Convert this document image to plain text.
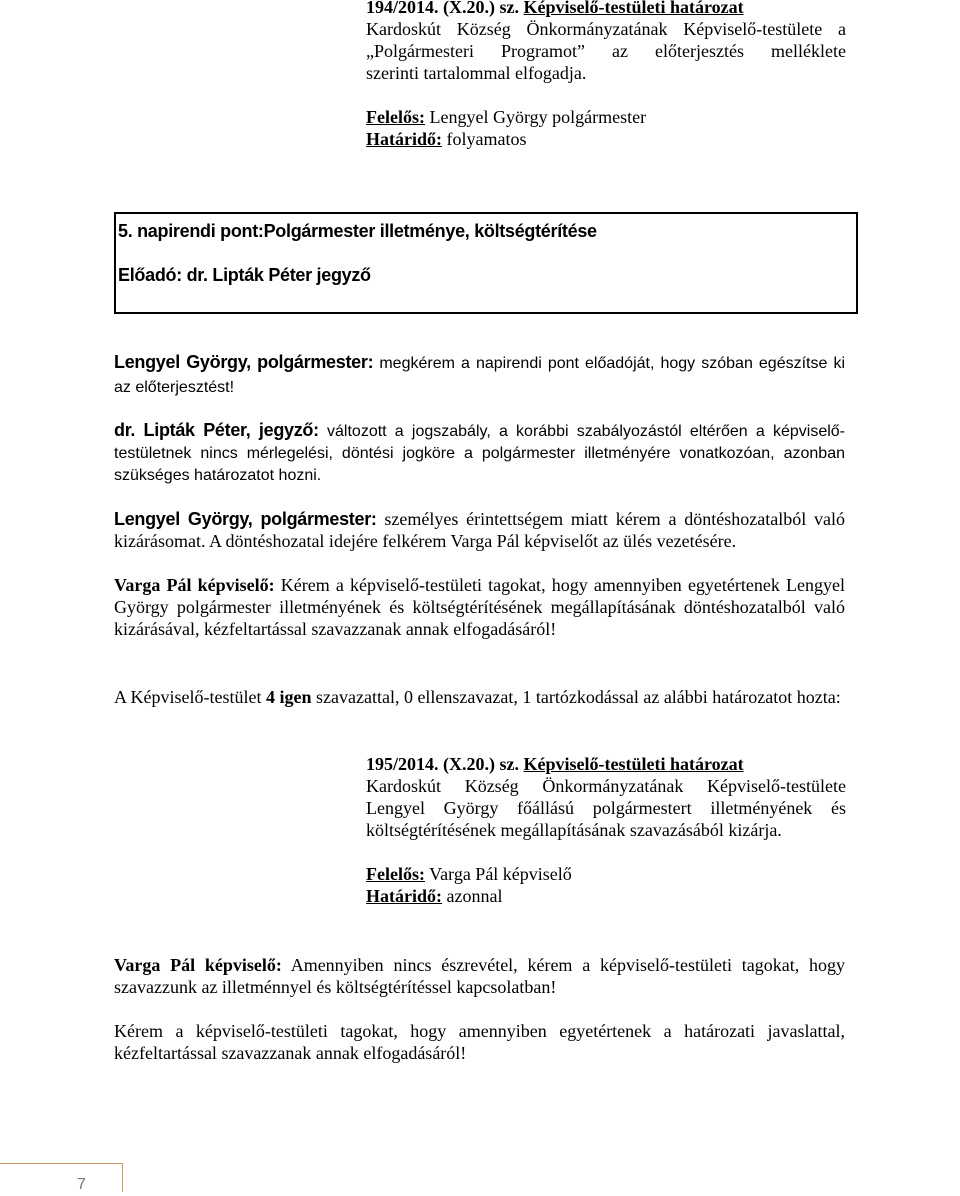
194/2014. (X.20.) sz. Képviselő-testületi határozat
Kardoskút Község Önkormányzatának Képviselő-testülete a
„Polgármesteri Programot” az előterjesztés melléklete
szerinti tartalommal elfogadja.
Felelős: Lengyel György polgármester
Határidő: folyamatos
5. napirendi pont:Polgármester illetménye, költségtérítése
Előadó: dr. Lipták Péter jegyző
Lengyel György, polgármester: megkérem a napirendi pont előadóját, hogy szóban egészítse ki az előterjesztést!
dr. Lipták Péter, jegyző: változott a jogszabály, a korábbi szabályozástól eltérően a képviselő-testületnek nincs mérlegelési, döntési jogköre a polgármester illetményére vonatkozóan, azonban szükséges határozatot hozni.
Lengyel György, polgármester: személyes érintettségem miatt kérem a döntéshozatalból való kizárásomat. A döntéshozatal idejére felkérem Varga Pál képviselőt az ülés vezetésére.
Varga Pál képviselő: Kérem a képviselő-testületi tagokat, hogy amennyiben egyetértenek Lengyel György polgármester illetményének és költségtérítésének megállapításának döntéshozatalból való kizárásával, kézfeltartással szavazzanak annak elfogadásáról!
A Képviselő-testület 4 igen szavazattal, 0 ellenszavazat, 1 tartózkodással az alábbi határozatot hozta:
195/2014. (X.20.) sz. Képviselő-testületi határozat
Kardoskút Község Önkormányzatának Képviselő-testülete
Lengyel György főállású polgármestert illetményének és
költségtérítésének megállapításának szavazásából kizárja.
Felelős: Varga Pál képviselő
Határidő: azonnal
Varga Pál képviselő: Amennyiben nincs észrevétel, kérem a képviselő-testületi tagokat, hogy szavazzunk az illetménnyel és költségtérítéssel kapcsolatban!
Kérem a képviselő-testületi tagokat, hogy amennyiben egyetértenek a határozati javaslattal, kézfeltartással szavazzanak annak elfogadásáról!
7
